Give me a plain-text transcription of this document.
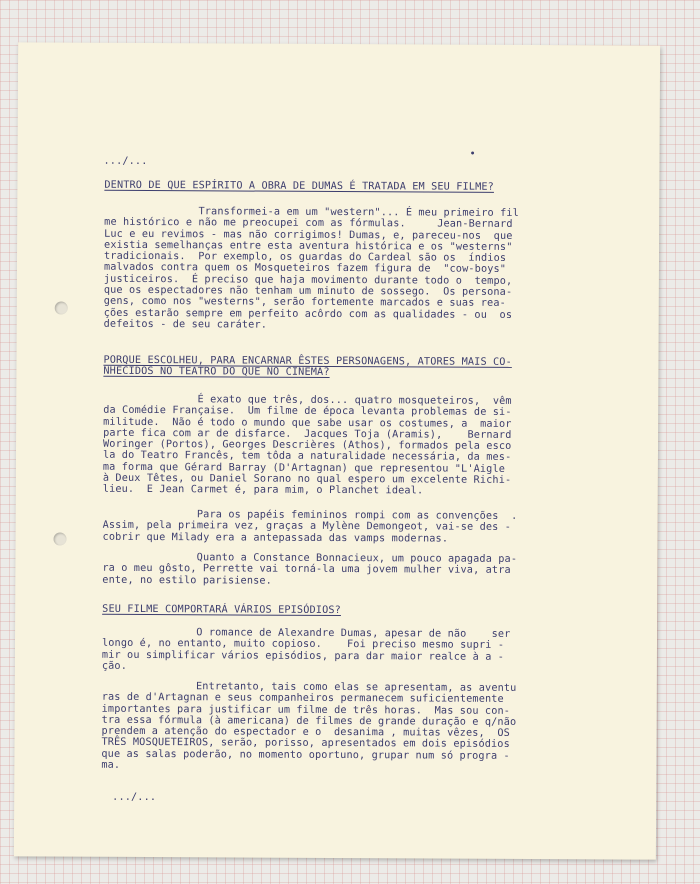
.../...
•
DENTRO DE QUE ESPÍRITO A OBRA DE DUMAS É TRATADA EM SEU FILME?
Transformei-a em um "western"... É meu primeiro fil
me histórico e não me preocupei com as fórmulas.     Jean-Bernard
Luc e eu revimos - mas não corrigimos! Dumas, e, pareceu-nos  que
existia semelhanças entre esta aventura histórica e os "westerns"
tradicionais.  Por exemplo, os guardas do Cardeal são os  índios
malvados contra quem os Mosqueteiros fazem figura de  "cow-boys"
justiceiros.  É preciso que haja movimento durante todo o  tempo,
que os espectadores não tenham um minuto de sossego.  Os persona-
gens, como nos "westerns", serão fortemente marcados e suas rea-
ções estarão sempre em perfeito acôrdo com as qualidades - ou  os
defeitos - de seu caráter.
PORQUE ESCOLHEU, PARA ENCARNAR ÊSTES PERSONAGENS, ATORES MAIS CO-
NHECIDOS NO TEATRO DO QUE NO CINEMA?
É exato que três, dos... quatro mosqueteiros,  vêm
da Comédie Française.  Um filme de época levanta problemas de si-
militude.  Não é todo o mundo que sabe usar os costumes, a  maior
parte fica com ar de disfarce.  Jacques Toja (Aramis),    Bernard
Woringer (Portos), Georges Descrières (Athos), formados pela esco
la do Teatro Francês, tem tôda a naturalidade necessária, da mes-
ma forma que Gérard Barray (D'Artagnan) que representou "L'Aigle
à Deux Têtes, ou Daniel Sorano no qual espero um excelente Richi-
lieu.  E Jean Carmet é, para mim, o Planchet ideal.
Para os papéis femininos rompi com as convenções  .
Assim, pela primeira vez, graças a Mylène Demongeot, vai-se des -
cobrir que Milady era a antepassada das vamps modernas.
Quanto a Constance Bonnacieux, um pouco apagada pa-
ra o meu gôsto, Perrette vai torná-la uma jovem mulher viva, atra
ente, no estilo parisiense.
SEU FILME COMPORTARÁ VÁRIOS EPISÓDIOS?
O romance de Alexandre Dumas, apesar de não    ser
longo é, no entanto, muito copioso.    Foi preciso mesmo supri -
mir ou simplificar vários episódios, para dar maior realce à a -
ção.
Entretanto, tais como elas se apresentam, as aventu
ras de d'Artagnan e seus companheiros permanecem suficientemente
importantes para justificar um filme de três horas.  Mas sou con-
tra essa fórmula (à americana) de filmes de grande duração e q/não
prendem a atenção do espectador e o  desanima , muitas vêzes,  OS
TRÊS MOSQUETEIROS, serão, porisso, apresentados em dois episódios
que as salas poderão, no momento oportuno, grupar num só progra -
ma.
.../...
